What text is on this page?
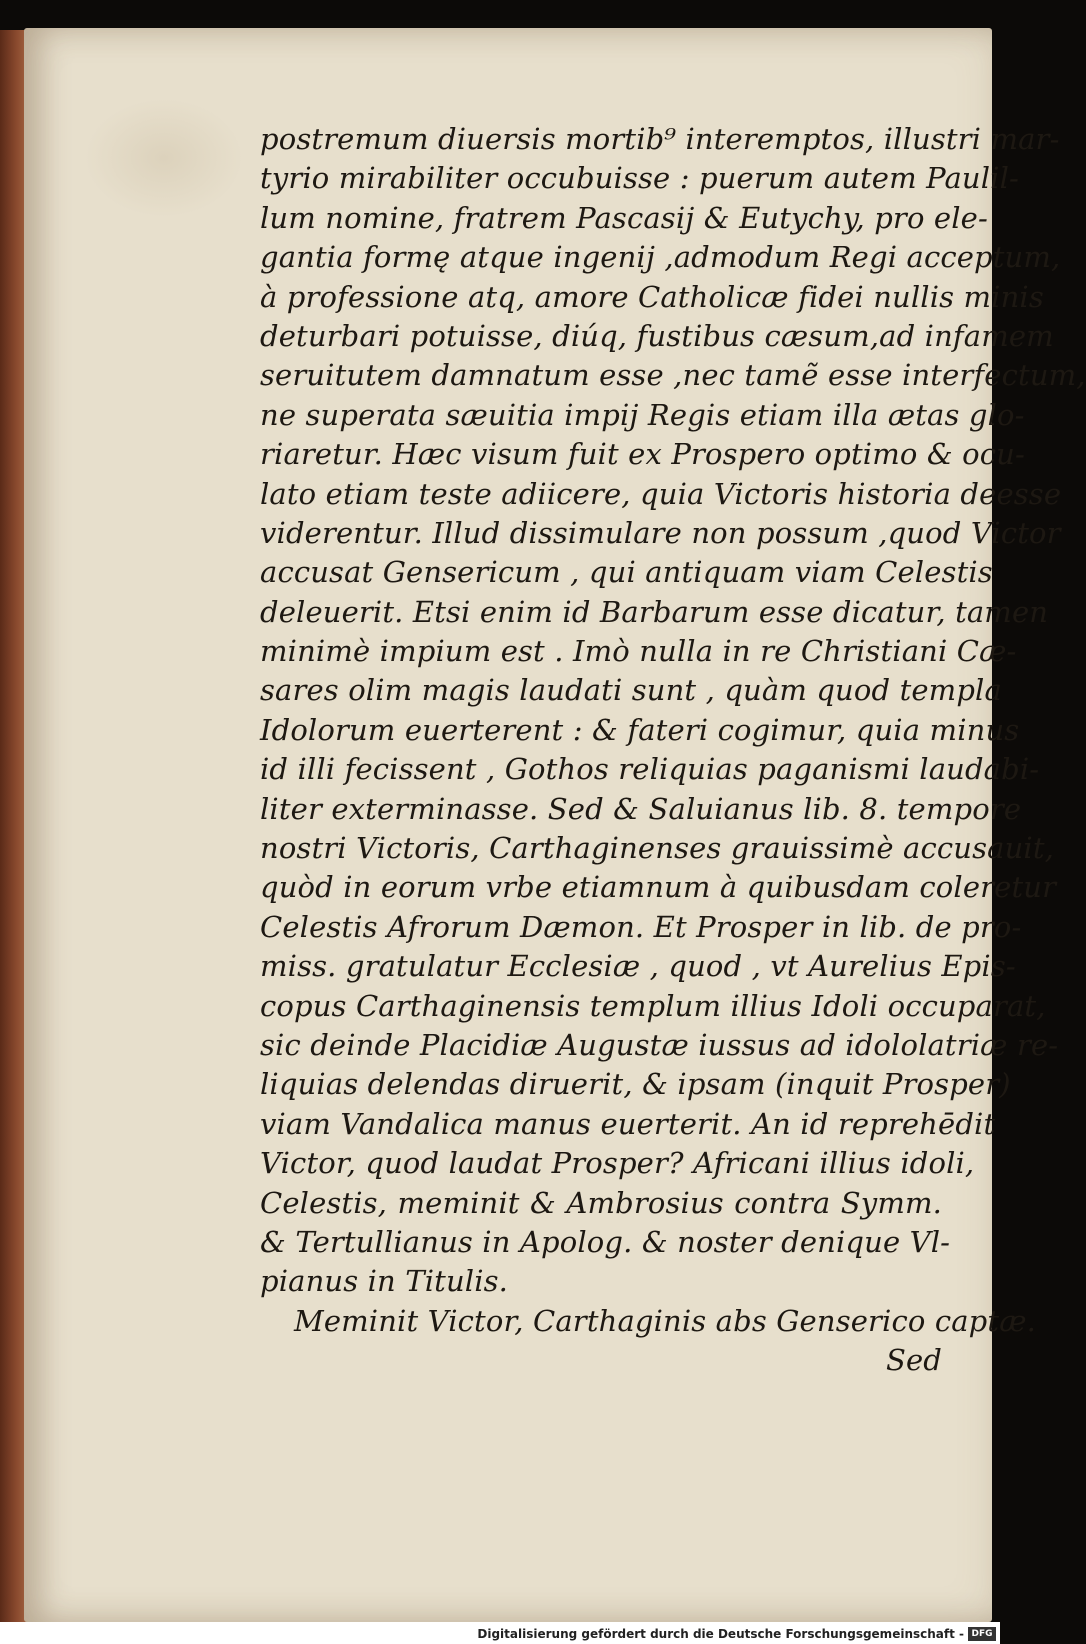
postremum diuersis mortib⁹ interemptos, illustri mar-
tyrio mirabiliter occubuisse : puerum autem Paulil-
lum nomine, fratrem Pascasij & Eutychy, pro ele-
gantia formę atque ingenij ,admodum Regi acceptum,
à professione atq, amore Catholicæ fidei nullis minis
deturbari potuisse, diúq, fustibus cæsum,ad infamem
seruitutem damnatum esse ,nec tamẽ esse interfectum,
ne superata sæuitia impij Regis etiam illa ætas glo-
riaretur. Hæc visum fuit ex Prospero optimo & ocu-
lato etiam teste adiicere, quia Victoris historia deesse
viderentur. Illud dissimulare non possum ,quod Victor
accusat Gensericum , qui antiquam viam Celestis
deleuerit. Etsi enim id Barbarum esse dicatur, tamen
minimè impium est . Imò nulla in re Christiani Cæ-
sares olim magis laudati sunt , quàm quod templa
Idolorum euerterent : & fateri cogimur, quia minus
id illi fecissent , Gothos reliquias paganismi laudabi-
liter exterminasse. Sed & Saluianus lib. 8. tempore
nostri Victoris, Carthaginenses grauissimè accusauit,
quòd in eorum vrbe etiamnum à quibusdam coleretur
Celestis Afrorum Dæmon. Et Prosper in lib. de pro-
miss. gratulatur Ecclesiæ , quod , vt Aurelius Epis-
copus Carthaginensis templum illius Idoli occuparat,
sic deinde Placidiæ Augustæ iussus ad idololatriæ re-
liquias delendas diruerit, & ipsam (inquit Prosper)
viam Vandalica manus euerterit. An id reprehēdit
Victor, quod laudat Prosper? Africani illius idoli,
Celestis, meminit & Ambrosius contra Symm.
& Tertullianus in Apolog. & noster denique Vl-
pianus in Titulis.
Meminit Victor, Carthaginis abs Genserico captæ.
Sed
Digitalisierung gefördert durch die Deutsche Forschungsgemeinschaft - DFG
